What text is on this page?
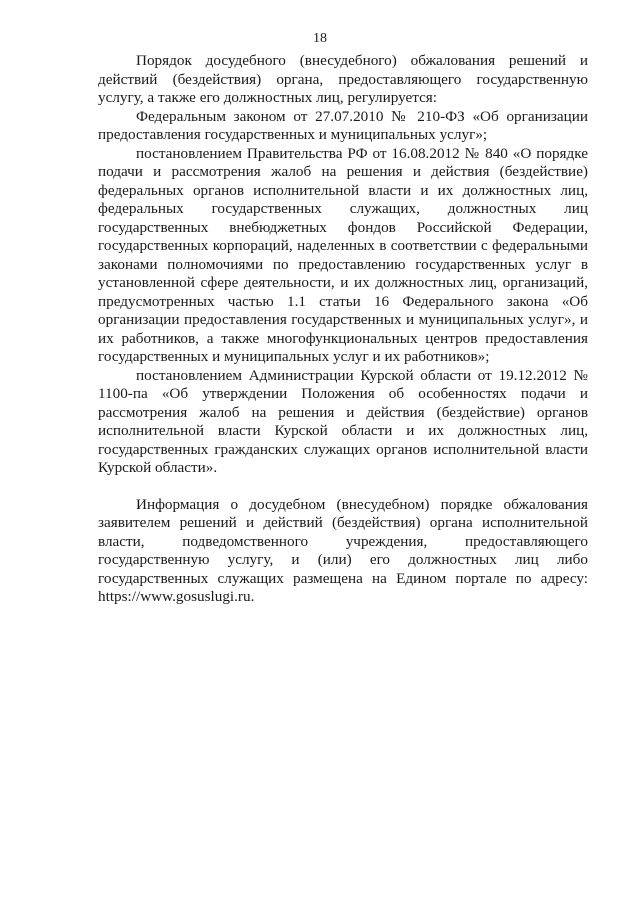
18

Порядок досудебного (внесудебного) обжалования решений и действий (бездействия) органа, предоставляющего государственную услугу, а также его должностных лиц, регулируется:

Федеральным законом от 27.07.2010 № 210-ФЗ «Об организации предоставления государственных и муниципальных услуг»;

постановлением Правительства РФ от 16.08.2012 № 840 «О порядке подачи и рассмотрения жалоб на решения и действия (бездействие) федеральных органов исполнительной власти и их должностных лиц, федеральных государственных служащих, должностных лиц государственных внебюджетных фондов Российской Федерации, государственных корпораций, наделенных в соответствии с федеральными законами полномочиями по предоставлению государственных услуг в установленной сфере деятельности, и их должностных лиц, организаций, предусмотренных частью 1.1 статьи 16 Федерального закона «Об организации предоставления государственных и муниципальных услуг», и их работников, а также многофункциональных центров предоставления государственных и муниципальных услуг и их работников»;

постановлением Администрации Курской области от 19.12.2012 № 1100-па «Об утверждении Положения об особенностях подачи и рассмотрения жалоб на решения и действия (бездействие) органов исполнительной власти Курской области и их должностных лиц, государственных гражданских служащих органов исполнительной власти Курской области».

Информация о досудебном (внесудебном) порядке обжалования заявителем решений и действий (бездействия) органа исполнительной власти, подведомственного учреждения, предоставляющего государственную услугу, и (или) его должностных лиц либо государственных служащих размещена на Едином портале по адресу: https://www.gosuslugi.ru.
